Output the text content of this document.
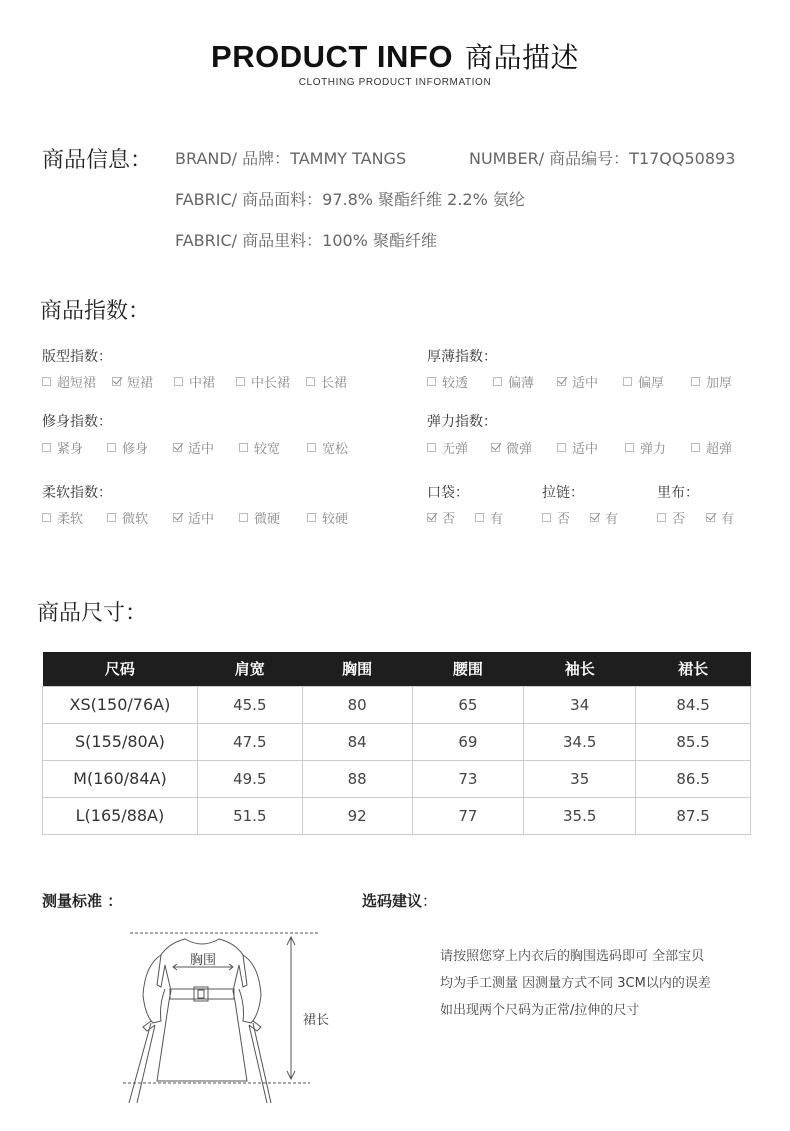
PRODUCT INFO 商品描述
CLOTHING PRODUCT INFORMATION
商品信息： BRAND/ 品牌：TAMMY TANGS	NUMBER/ 商品编号：T17QQ50893
FABRIC/ 商品面料：97.8% 聚酯纤维 2.2% 氨纶
FABRIC/ 商品里料：100% 聚酯纤维
商品指数：
版型指数：
超短裙 短裙	中裙	中长裙 长裙
厚薄指数：
较透	偏薄	适中	偏厚	加厚
修身指数：
紧身	修身	适中	较宽	宽松
弹力指数：
无弹	微弹	适中	弹力	超弹
柔软指数：
柔软	微软	适中	微硬	较硬
口袋：
否	有
拉链：
否	有
里布：
否	有
商品尺寸：
尺码	肩宽	胸围	腰围	袖长	裙长
XS(150/76A)	45.5	80	65	34	84.5
S(155/80A)	47.5	84	69	34.5	85.5
M(160/84A)	49.5	88	73	35	86.5
L(165/88A)	51.5	92	77	35.5	87.5
测量标准 ：	选码建议：
胸围
裙长
请按照您穿上内衣后的胸围选码即可 全部宝贝
均为手工测量 因测量方式不同 3CM以内的误差
如出现两个尺码为正常/拉伸的尺寸
